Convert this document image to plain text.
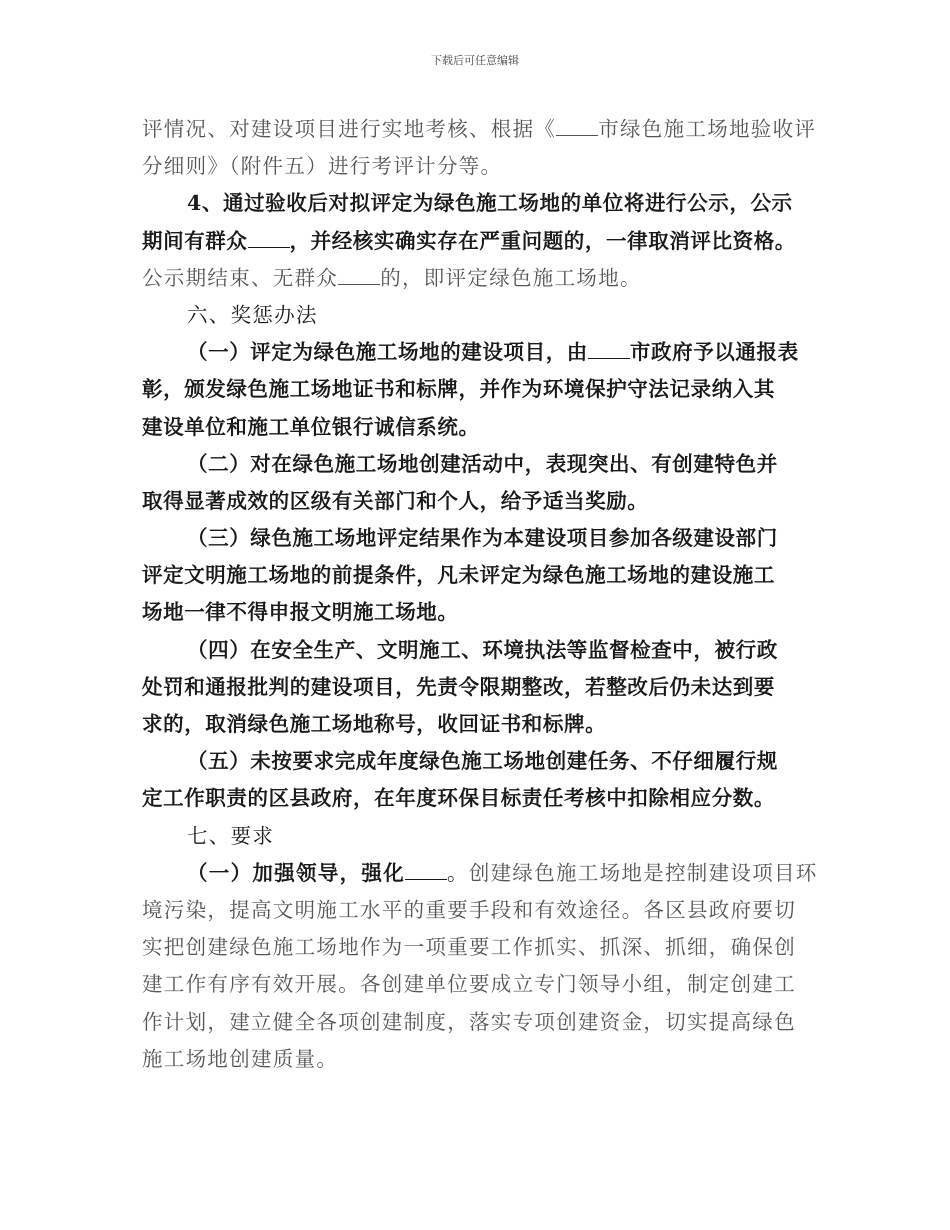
下载后可任意编辑
评情况、对建设项目进行实地考核、根据《 市绿色施工场地验收评
分细则》（附件五）进行考评计分等。
4、通过验收后对拟评定为绿色施工场地的单位将进行公示，公示
期间有群众 ，并经核实确实存在严重问题的，一律取消评比资格。
公示期结束、无群众 的，即评定绿色施工场地。
六、奖惩办法
（一）评定为绿色施工场地的建设项目，由 市政府予以通报表
彰，颁发绿色施工场地证书和标牌，并作为环境保护守法记录纳入其
建设单位和施工单位银行诚信系统。
（二）对在绿色施工场地创建活动中，表现突出、有创建特色并
取得显著成效的区级有关部门和个人，给予适当奖励。
（三）绿色施工场地评定结果作为本建设项目参加各级建设部门
评定文明施工场地的前提条件，凡未评定为绿色施工场地的建设施工
场地一律不得申报文明施工场地。
（四）在安全生产、文明施工、环境执法等监督检查中，被行政
处罚和通报批判的建设项目，先责令限期整改，若整改后仍未达到要
求的，取消绿色施工场地称号，收回证书和标牌。
（五）未按要求完成年度绿色施工场地创建任务、不仔细履行规
定工作职责的区县政府，在年度环保目标责任考核中扣除相应分数。
七、要求
（一）加强领导，强化 。创建绿色施工场地是控制建设项目环
境污染，提高文明施工水平的重要手段和有效途径。各区县政府要切
实把创建绿色施工场地作为一项重要工作抓实、抓深、抓细，确保创
建工作有序有效开展。各创建单位要成立专门领导小组，制定创建工
作计划，建立健全各项创建制度，落实专项创建资金，切实提高绿色
施工场地创建质量。
